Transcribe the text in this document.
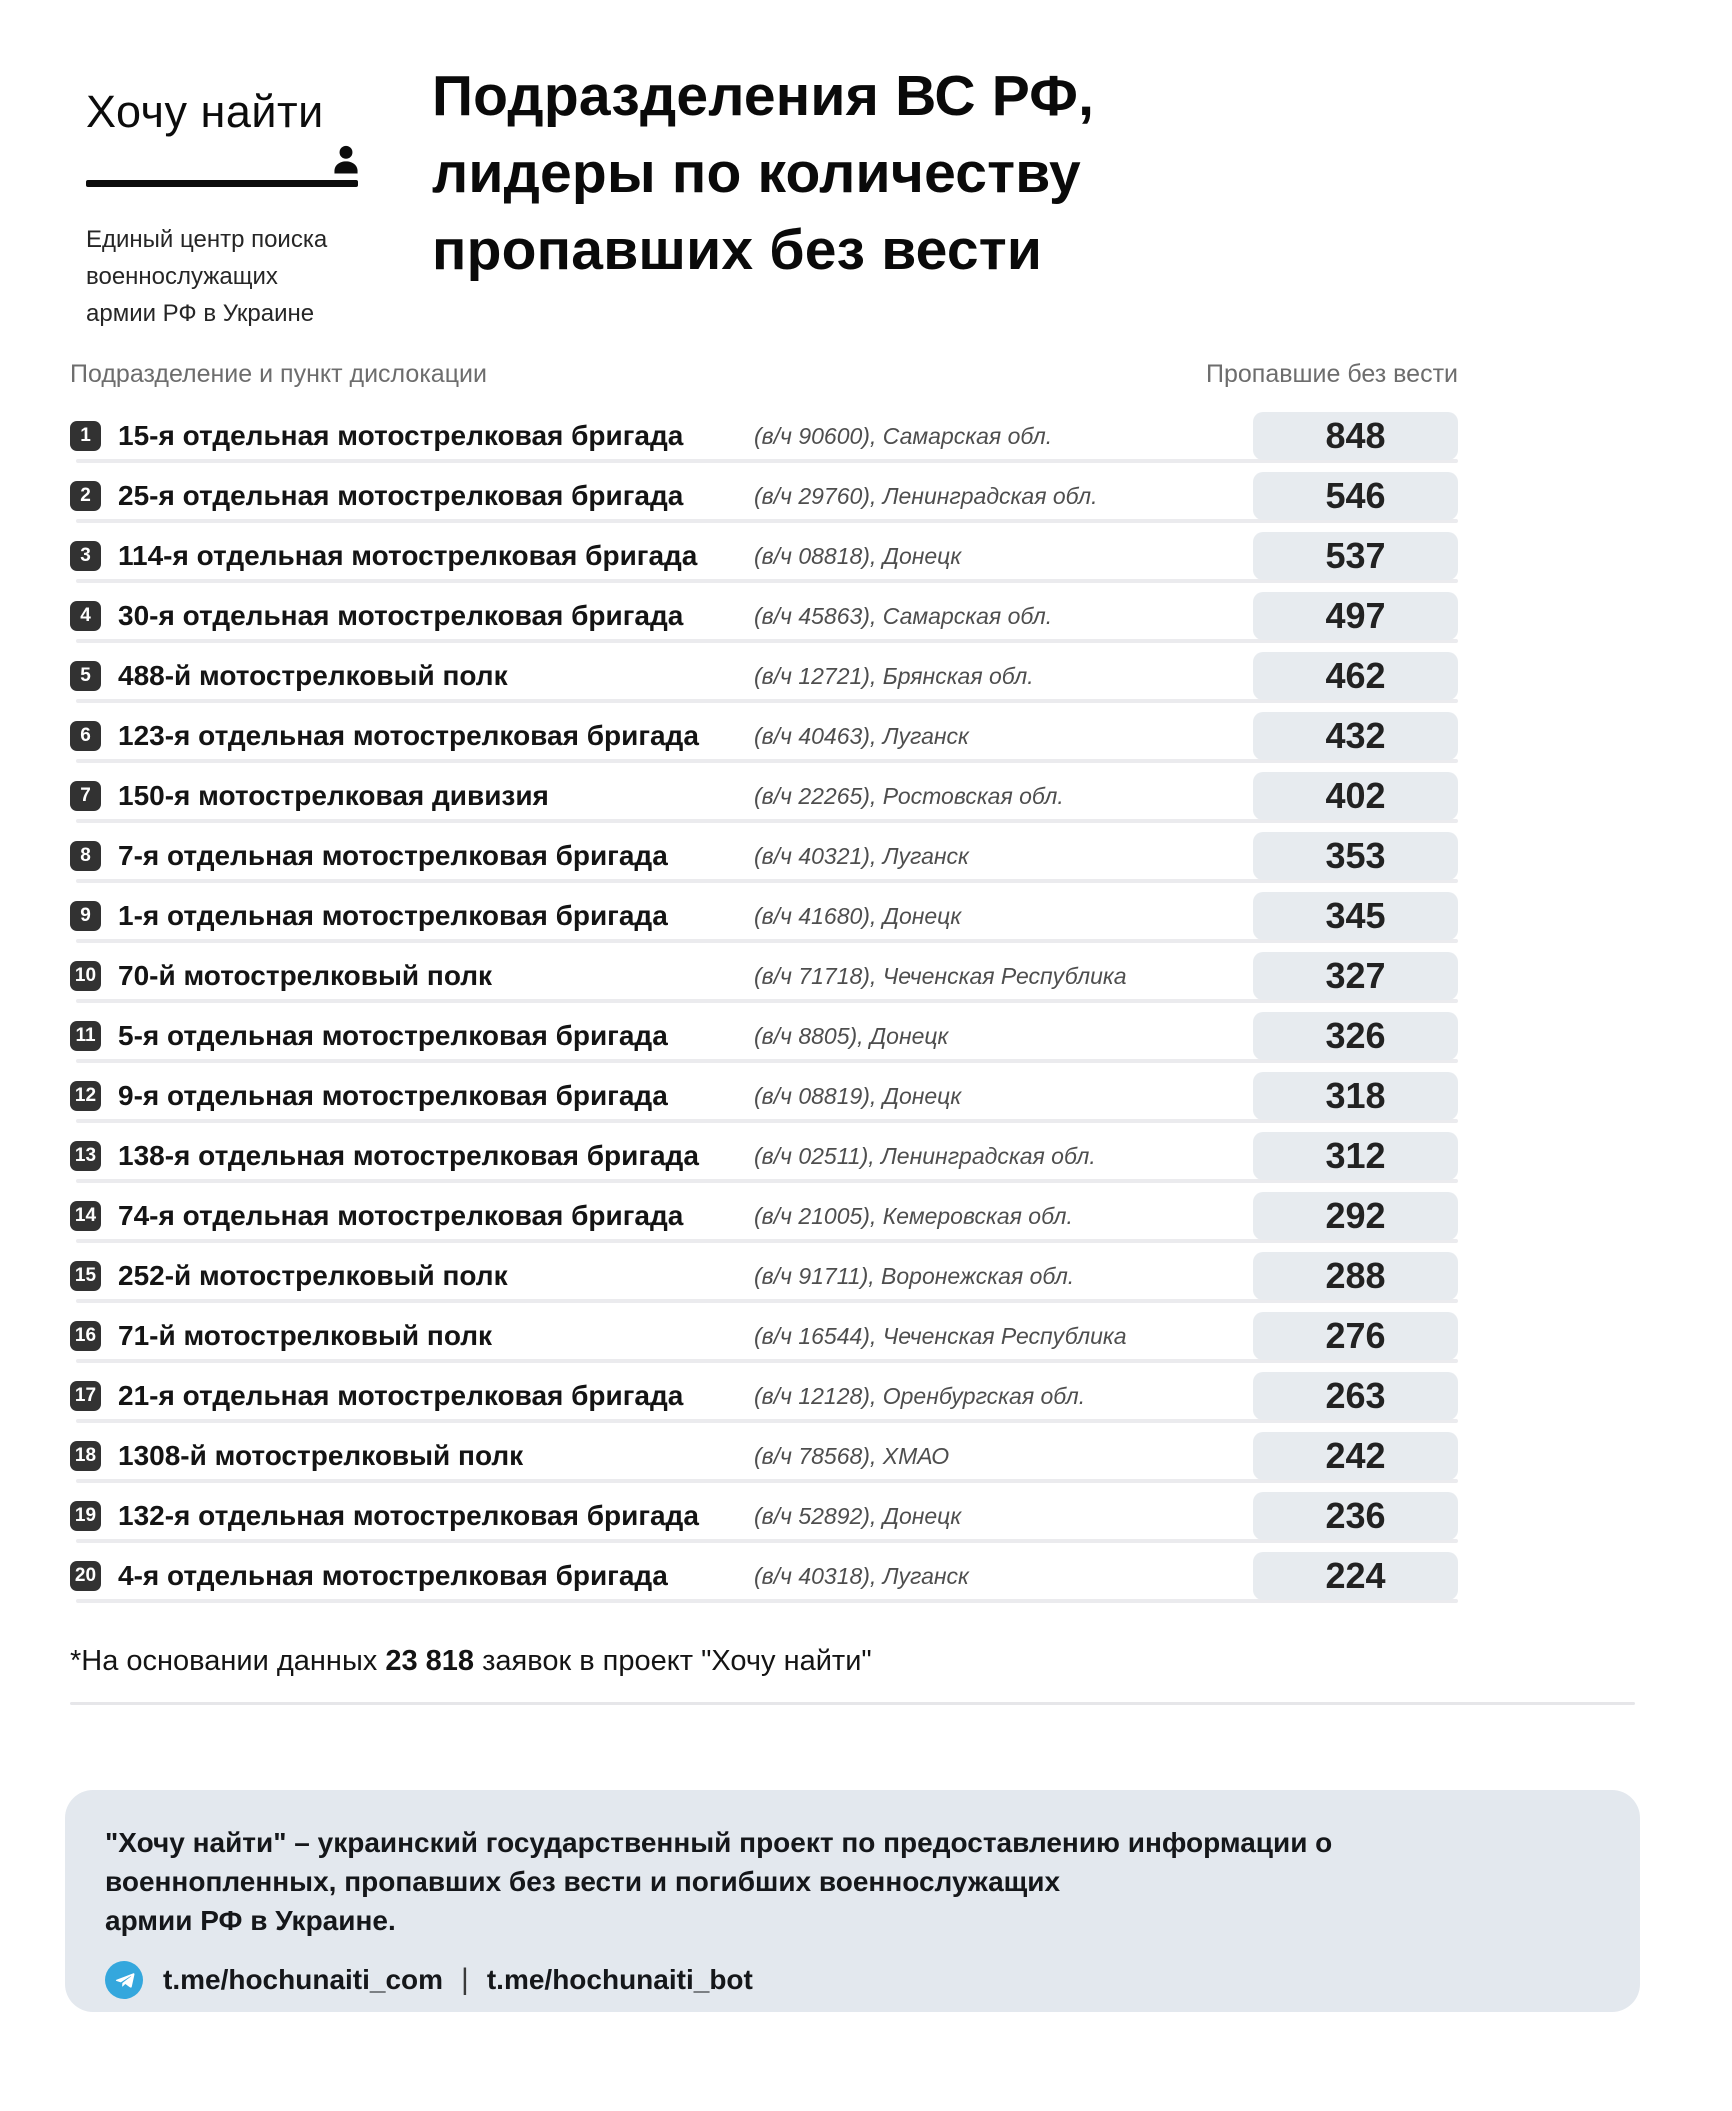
Хочу найти
Единый центр поиска
военнослужащих
армии РФ в Украине
Подразделения ВС РФ,
лидеры по количеству
пропавших без вести
Подразделение и пункт дислокации	Пропавшие без вести
1 15-я отдельная мотострелковая бригада	(в/ч 90600), Самарская обл.	848
2 25-я отдельная мотострелковая бригада	(в/ч 29760), Ленинградская обл.	546
3 114-я отдельная мотострелковая бригада	(в/ч 08818), Донецк	537
4 30-я отдельная мотострелковая бригада	(в/ч 45863), Самарская обл.	497
5 488-й мотострелковый полк	(в/ч 12721), Брянская обл.	462
6 123-я отдельная мотострелковая бригада	(в/ч 40463), Луганск	432
7 150-я мотострелковая дивизия	(в/ч 22265), Ростовская обл.	402
8 7-я отдельная мотострелковая бригада	(в/ч 40321), Луганск	353
9 1-я отдельная мотострелковая бригада	(в/ч 41680), Донецк	345
10 70-й мотострелковый полк	(в/ч 71718), Чеченская Республика	327
11 5-я отдельная мотострелковая бригада	(в/ч 8805), Донецк	326
12 9-я отдельная мотострелковая бригада	(в/ч 08819), Донецк	318
13 138-я отдельная мотострелковая бригада	(в/ч 02511), Ленинградская обл.	312
14 74-я отдельная мотострелковая бригада	(в/ч 21005), Кемеровская обл.	292
15 252-й мотострелковый полк	(в/ч 91711), Воронежская обл.	288
16 71-й мотострелковый полк	(в/ч 16544), Чеченская Республика	276
17 21-я отдельная мотострелковая бригада	(в/ч 12128), Оренбургская обл.	263
18 1308-й мотострелковый полк	(в/ч 78568), ХМАО	242
19 132-я отдельная мотострелковая бригада	(в/ч 52892), Донецк	236
20 4-я отдельная мотострелковая бригада	(в/ч 40318), Луганск	224

*На основании данных 23 818 заявок в проект "Хочу найти"

"Хочу найти" – украинский государственный проект по предоставлению информации о
военнопленных, пропавших без вести и погибших военнослужащих
армии РФ в Украине.
t.me/hochunaiti_com | t.me/hochunaiti_bot
